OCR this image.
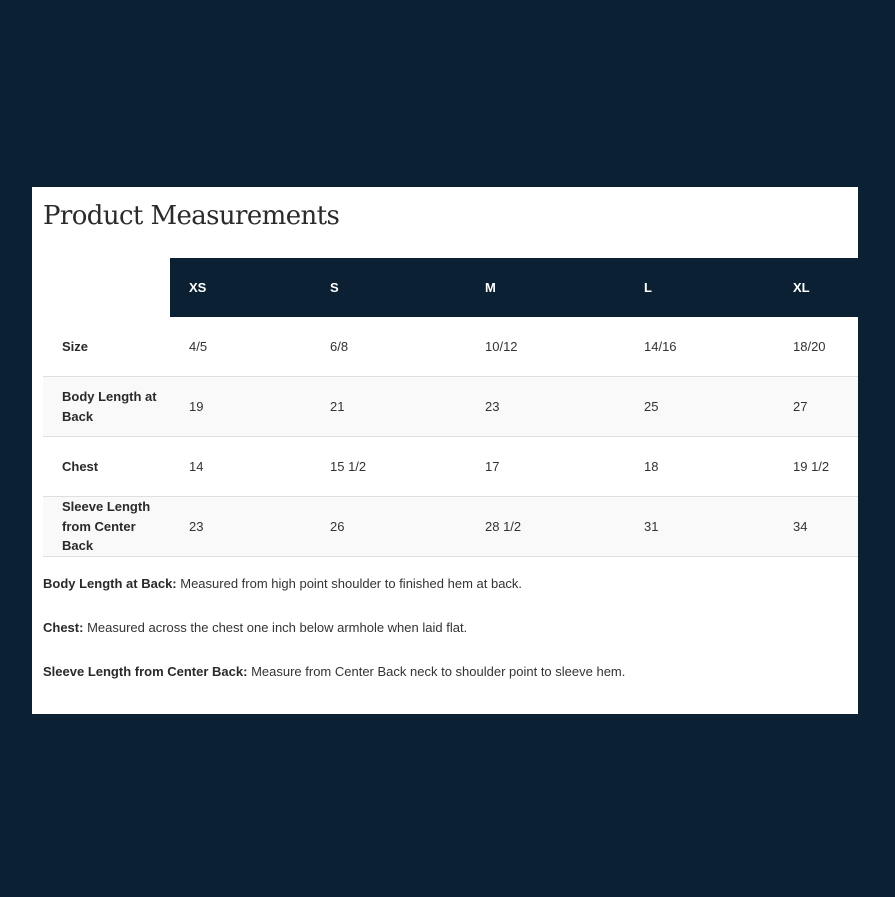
Product Measurements
	XS	S	M	L	XL
Size	4/5	6/8	10/12	14/16	18/20
Body Length at Back	19	21	23	25	27
Chest	14	15 1/2	17	18	19 1/2
Sleeve Length from Center Back	23	26	28 1/2	31	34

Body Length at Back: Measured from high point shoulder to finished hem at back.

Chest: Measured across the chest one inch below armhole when laid flat.

Sleeve Length from Center Back: Measure from Center Back neck to shoulder point to sleeve hem.
